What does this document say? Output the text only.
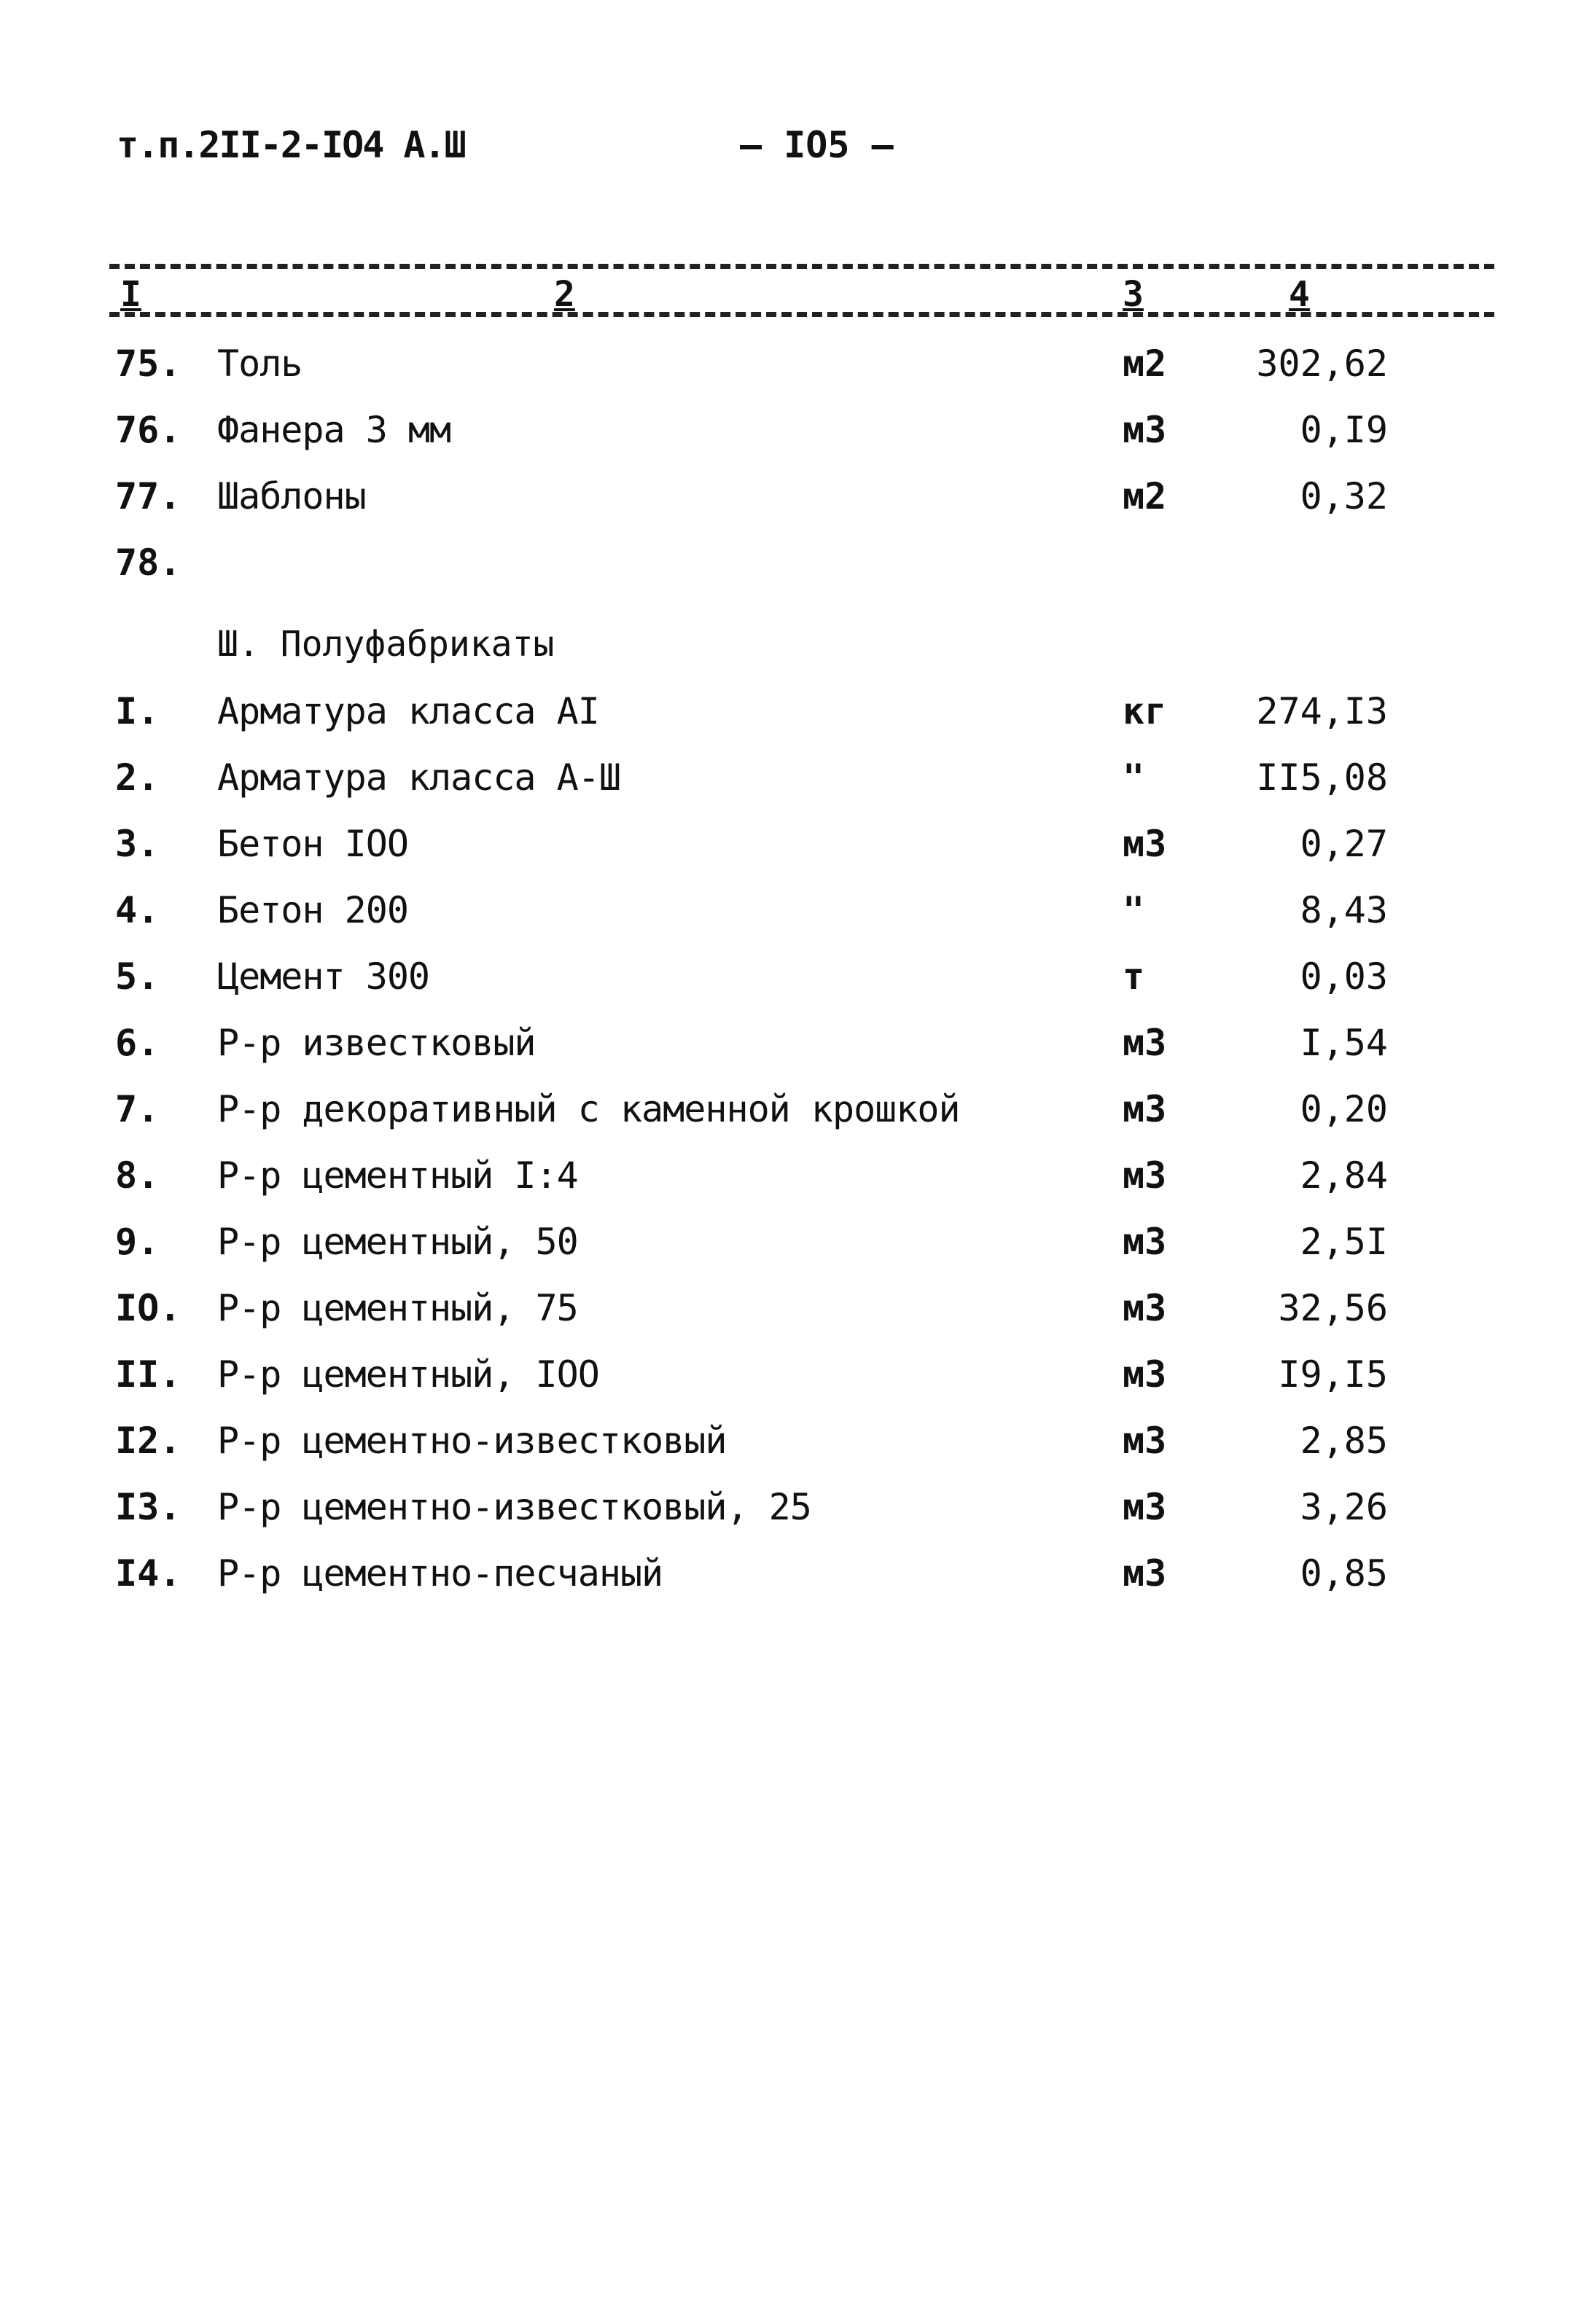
т.п.2II-2-IO4 А.Ш	– IO5 –
I	2	3	4
75. Толь	м2 302,62
76. Фанера 3 мм	м3	0,I9
77. Шаблоны	м2	0,32
78.
Ш. Полуфабрикаты
I. Арматура класса АI	кг 274,I3
2. Арматура класса А-Ш	"	II5,08
3. Бетон IOO	м3	0,27
4. Бетон 200	"	8,43
5. Цемент 300	т	0,03
6. Р-р известковый	м3	I,54
7. Р-р декоративный с каменной крошкой	м3	0,20
8. Р-р цементный I:4	м3	2,84
9. Р-р цементный, 50	м3	2,5I
IO. Р-р цементный, 75	м3	32,56
II. Р-р цементный, IOO	м3	I9,I5
I2. Р-р цементно-известковый	м3	2,85
I3. Р-р цементно-известковый, 25	м3	3,26
I4. Р-р цементно-песчаный	м3	0,85
